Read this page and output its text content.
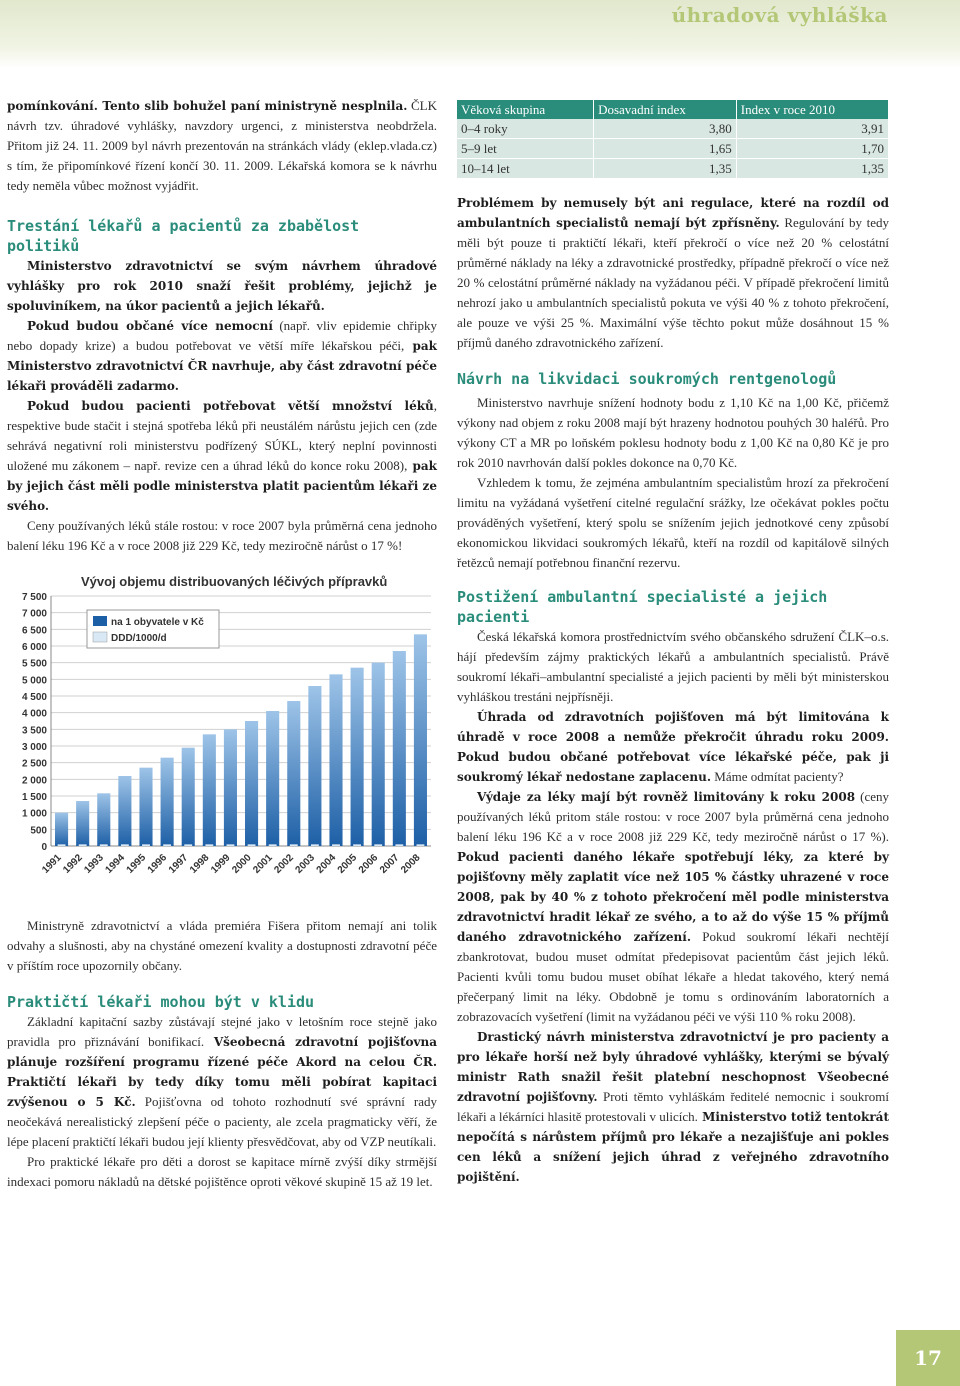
úhradová vyhláška

pomínkování. Tento slib bohužel paní ministryně nesplnila. ČLK návrh tzv. úhradové vyhlášky, navzdory urgenci, z ministerstva neobdržela. Přitom již 24. 11. 2009 byl návrh prezentován na stránkách vlády (eklep.vlada.cz) s tím, že připomínkové řízení končí 30. 11. 2009. Lékařská komora se k návrhu tedy neměla vůbec možnost vyjádřit.

Trestání lékařů a pacientů za zbabělost politiků

Ministerstvo zdravotnictví se svým návrhem úhradové vyhlášky pro rok 2010 snaží řešit problémy, jejichž je spoluviníkem, na úkor pacientů a jejich lékařů.

Pokud budou občané více nemocní (např. vliv epidemie chřipky nebo dopady krize) a budou potřebovat ve větší míře lékařskou péči, pak Ministerstvo zdravotnictví ČR navrhuje, aby část zdravotní péče lékaři prováděli zadarmo.

Pokud budou pacienti potřebovat větší množství léků, respektive bude stačit i stejná spotřeba léků při neustálém nárůstu jejich cen (zde sehrává negativní roli ministerstvu podřízený SÚKL, který neplní povinnosti uložené mu zákonem – např. revize cen a úhrad léků do konce roku 2008), pak by jejich část měli podle ministerstva platit pacientům lékaři ze svého.

Ceny používaných léků stále rostou: v roce 2007 byla průměrná cena jednoho balení léku 196 Kč a v roce 2008 již 229 Kč, tedy meziročně nárůst o 17 %!

Vývoj objemu distribuovaných léčivých přípravků
0
500
1 000
1 500
2 000
2 500
3 000
3 500
4 000
4 500
5 000
5 500
6 000
6 500
7 000
7 500
1991
1992
1993
1994
1995
1996
1997
1998
1999
2000
2001
2002
2003
2004
2005
2006
2007
2008
na 1 obyvatele v Kč
DDD/1000/d

Ministryně zdravotnictví a vláda premiéra Fišera přitom nemají ani tolik odvahy a slušnosti, aby na chystáné omezení kvality a dostupnosti zdravotní péče v příštím roce upozornily občany.

Praktičtí lékaři mohou být v klidu

Základní kapitační sazby zůstávají stejné jako v letošním roce stejně jako pravidla pro přiznávání bonifikací. Všeobecná zdravotní pojišťovna plánuje rozšíření programu řízené péče Akord na celou ČR. Praktičtí lékaři by tedy díky tomu měli pobírat kapitaci zvýšenou o 5 Kč. Pojišťovna od tohoto rozhodnutí své správní rady neočekává nerealistický zlepšení péče o pacienty, ale zcela pragmaticky věří, že lépe placení praktičtí lékaři budou její klienty přesvědčovat, aby od VZP neutíkali.

Pro praktické lékaře pro děti a dorost se kapitace mírně zvýší díky strmější indexaci pomoru nákladů na dětské pojištěnce oproti věkové skupině 15 až 19 let.

Věková skupina	Dosavadní index	Index v roce 2010
0–4 roky	3,80	3,91
5–9 let	1,65	1,70
10–14 let	1,35	1,35

Problémem by nemusely být ani regulace, které na rozdíl od ambulantních specialistů nemají být zpřísněny. Regulování by tedy měli být pouze ti praktičtí lékaři, kteří překročí o více než 20 % celostátní průměrné náklady na léky a zdravotnické prostředky, případně překročí o více než 20 % celostátní průměrné náklady na vyžádanou péči. V případě překročení limitů nehrozí jako u ambulantních specialistů pokuta ve výši 40 % z tohoto překročení, ale pouze ve výši 25 %. Maximální výše těchto pokut může dosáhnout 15 % příjmů daného zdravotnického zařízení.

Návrh na likvidaci soukromých rentgenologů

Ministerstvo navrhuje snížení hodnoty bodu z 1,10 Kč na 1,00 Kč, přičemž výkony nad objem z roku 2008 mají být hrazeny hodnotou pouhých 30 haléřů. Pro výkony CT a MR po loňském poklesu hodnoty bodu z 1,00 Kč na 0,80 Kč je pro rok 2010 navrhován další pokles dokonce na 0,70 Kč.

Vzhledem k tomu, že zejména ambulantním specialistům hrozí za překročení limitu na vyžádaná vyšetření citelné regulační srážky, lze očekávat pokles počtu prováděných vyšetření, který spolu se snížením jejich jednotkové ceny způsobí ekonomickou likvidaci soukromých lékařů, kteří na rozdíl od kapitálově silných řetězců nemají potřebnou finanční rezervu.

Postižení ambulantní specialisté a jejich pacienti

Česká lékařská komora prostřednictvím svého občanského sdružení ČLK–o.s. hájí především zájmy praktických lékařů a ambulantních specialistů. Právě soukromí lékaři–ambulantní specialisté a jejich pacienti by měli být ministerskou vyhláškou trestáni nejpřísněji.

Úhrada od zdravotních pojišťoven má být limitována k úhradě v roce 2008 a nemůže překročit úhradu roku 2009. Pokud budou občané potřebovat více lékařské péče, pak ji soukromý lékař nedostane zaplacenu. Máme odmítat pacienty?

Výdaje za léky mají být rovněž limitovány k roku 2008 (ceny používaných léků pritom stále rostou: v roce 2007 byla průměrná cena jednoho balení léku 196 Kč a v roce 2008 již 229 Kč, tedy meziročně nárůst o 17 %). Pokud pacienti daného lékaře spotřebují léky, za které by pojišťovny měly zaplatit více než 105 % částky uhrazené v roce 2008, pak by 40 % z tohoto překročení měl podle ministerstva zdravotnictví hradit lékař ze svého, a to až do výše 15 % příjmů daného zdravotnického zařízení. Pokud soukromí lékaři nechtějí zbankrotovat, budou muset odmítat předepisovat pacientům část jejich léků. Pacienti kvůli tomu budou muset obíhat lékaře a hledat takového, který nemá přečerpaný limit na léky. Obdobně je tomu s ordinováním laboratorních a zobrazovacích vyšetření (limit na vyžádanou péči ve výši 110 % roku 2008).

Drastický návrh ministerstva zdravotnictví je pro pacienty a pro lékaře horší než byly úhradové vyhlášky, kterými se bývalý ministr Rath snažil řešit platební neschopnost Všeobecné zdravotní pojišťovny. Proti těmto vyhláškám ředitelé nemocnic i soukromí lékaři a lékárníci hlasitě protestovali v ulicích. Ministerstvo totiž tentokrát nepočítá s nárůstem příjmů pro lékaře a nezajišťuje ani pokles cen léků a snížení jejich úhrad z veřejného zdravotního pojištění.

17
